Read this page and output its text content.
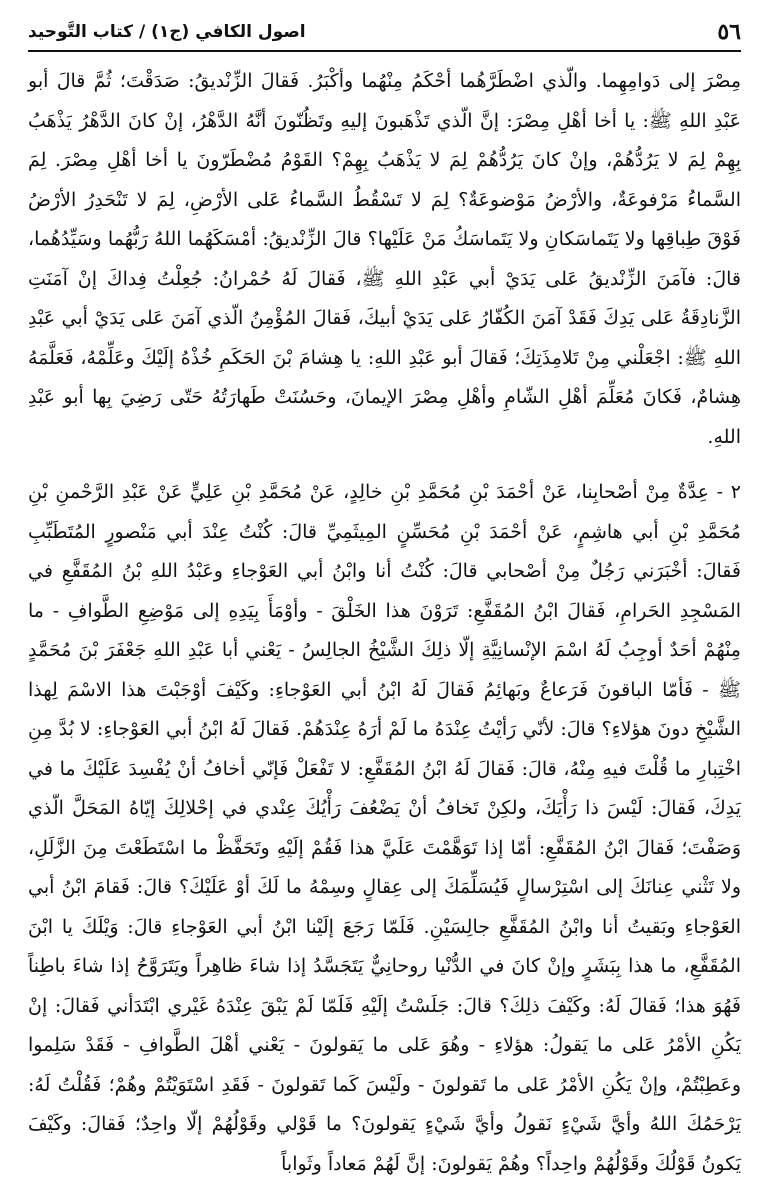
٥٦
اصول الكافي (ج١) / كتاب التَّوحيد

مِصْرَ إلى دَوامِهِما. والّذي اضْطَرَّهُما أحْكَمُ مِنْهُما وأكْبَرُ. فَقالَ الزِّنْديقُ: صَدَقْتَ؛ ثُمَّ قالَ أبو عَبْدِ اللهِ ﷺ: يا أخا أهْلِ مِصْرَ: إنَّ الّذي تَذْهَبونَ إليهِ وتَظُنّونَ أنَّهُ الدَّهْرُ، إنْ كانَ الدَّهْرُ يَذْهَبُ بِهِمْ لِمَ لا يَرُدُّهُمْ، وإنْ كانَ يَرُدُّهُمْ لِمَ لا يَذْهَبُ بِهِمْ؟ القَوْمُ مُضْطَرّونَ يا أخا أهْلِ مِصْرَ. لِمَ السَّماءُ مَرْفوعَةٌ، والأرْضُ مَوْضوعَةٌ؟ لِمَ لا تَسْقُطُ السَّماءُ عَلى الأرْضِ، لِمَ لا تَنْحَدِرُ الأرْضُ فَوْقَ طِباقِها ولا يَتَماسَكانِ ولا يَتَماسَكُ مَنْ عَلَيْها؟ قالَ الزِّنْديقُ: أمْسَكَهُما اللهُ رَبُّهُما وسَيِّدُهُما، قالَ: فآمَنَ الزِّنْديقُ عَلى يَدَيْ أبي عَبْدِ اللهِ ﷺ، فَقالَ لَهُ حُمْرانُ: جُعِلْتُ فِداكَ إنْ آمَنَتِ الزَّنادِقَةُ عَلى يَدِكَ فَقَدْ آمَنَ الكُفّارُ عَلى يَدَيْ أبيكَ، فَقالَ المُؤْمِنُ الّذي آمَنَ عَلى يَدَيْ أبي عَبْدِ اللهِ ﷺ: اجْعَلْني مِنْ تَلامِذَتِكَ؛ فَقالَ أبو عَبْدِ اللهِ: يا هِشامَ بْنَ الحَكَمِ خُذْهُ إلَيْكَ وعَلِّمْهُ، فَعَلَّمَهُ هِشامٌ، فَكانَ مُعَلِّمَ أهْلِ الشّامِ وأهْلِ مِصْرَ الإيمانَ، وحَسُنَتْ طَهارَتُهُ حَتّى رَضِيَ بِها أبو عَبْدِ اللهِ.

٢ - عِدَّةٌ مِنْ أصْحابِنا، عَنْ أحْمَدَ بْنِ مُحَمَّدِ بْنِ خالِدٍ، عَنْ مُحَمَّدِ بْنِ عَلِيٍّ عَنْ عَبْدِ الرَّحْمنِ بْنِ مُحَمَّدِ بْنِ أبي هاشِمٍ، عَنْ أحْمَدَ بْنِ مُحَسِّنٍ المِيثَمِيِّ قالَ: كُنْتُ عِنْدَ أبي مَنْصورٍ المُتَطَبِّبِ فَقالَ: أخْبَرَني رَجُلٌ مِنْ أصْحابي قالَ: كُنْتُ أنا وابْنُ أبي العَوْجاءِ وعَبْدُ اللهِ بْنُ المُقَفَّعِ في المَسْجِدِ الحَرامِ، فَقالَ ابْنُ المُقَفَّعِ: تَرَوْنَ هذا الخَلْقَ - وأوْمَأَ بِيَدِهِ إلى مَوْضِعِ الطَّوافِ - ما مِنْهُمْ أحَدٌ أوجِبُ لَهُ اسْمَ الإنْسانِيَّةِ إلّا ذلِكَ الشَّيْخُ الجالِسُ - يَعْني أبا عَبْدِ اللهِ جَعْفَرَ بْنَ مُحَمَّدٍ ﷺ - فَأمّا الباقونَ فَرَعاعٌ وبَهائِمُ فَقالَ لَهُ ابْنُ أبي العَوْجاءِ: وكَيْفَ أوْجَبْتَ هذا الاسْمَ لِهذا الشَّيْخِ دونَ هؤلاءِ؟ قالَ: لأنّي رَأيْتُ عِنْدَهُ ما لَمْ أرَهُ عِنْدَهُمْ. فَقالَ لَهُ ابْنُ أبي العَوْجاءِ: لا بُدَّ مِنِ اخْتِبارِ ما قُلْتَ فيهِ مِنْهُ، قالَ: فَقالَ لَهُ ابْنُ المُقَفَّعِ: لا تَفْعَلْ فَإنّي أخافُ أنْ يُفْسِدَ عَلَيْكَ ما في يَدِكَ، فَقالَ: لَيْسَ ذا رَأْيَكَ، ولكِنْ تَخافُ أنْ يَضْعُفَ رَأْيُكَ عِنْدي في إحْلالِكَ إيّاهُ المَحَلَّ الّذي وَصَفْتَ؛ فَقالَ ابْنُ المُقَفَّعِ: أمّا إذا تَوَهَّمْتَ عَلَيَّ هذا فَقُمْ إلَيْهِ وتَحَفَّظْ ما اسْتَطَعْتَ مِنَ الزَّلَلِ، ولا تَثْني عِنانَكَ إلى اسْتِرْسالٍ فَيُسَلِّمَكَ إلى عِقالٍ وسِمْهُ ما لَكَ أوْ عَلَيْكَ؟ قالَ: فَقامَ ابْنُ أبي العَوْجاءِ وبَقيتُ أنا وابْنُ المُقَفَّعِ جالِسَيْنِ. فَلَمّا رَجَعَ إلَيْنا ابْنُ أبي العَوْجاءِ قالَ: وَيْلَكَ يا ابْنَ المُقَفَّعِ، ما هذا بِبَشَرٍ وإنْ كانَ في الدُّنْيا روحانِيٌّ يَتَجَسَّدُ إذا شاءَ ظاهِراً ويَتَرَوَّحُ إذا شاءَ باطِناً فَهُوَ هذا؛ فَقالَ لَهُ: وكَيْفَ ذلِكَ؟ قالَ: جَلَسْتُ إلَيْهِ فَلَمّا لَمْ يَبْقَ عِنْدَهُ غَيْري ابْتَدَأني فَقالَ: إنْ يَكُنِ الأمْرُ عَلى ما يَقولُ: هؤلاءِ - وهُوَ عَلى ما يَقولونَ - يَعْني أهْلَ الطَّوافِ - فَقَدْ سَلِموا وعَطِبْتُمْ، وإنْ يَكُنِ الأمْرُ عَلى ما تَقولونَ - ولَيْسَ كَما تَقولونَ - فَقَدِ اسْتَوَيْتُمْ وهُمْ؛ فَقُلْتُ لَهُ: يَرْحَمُكَ اللهُ وأيَّ شَيْءٍ نَقولُ وأيَّ شَيْءٍ يَقولونَ؟ ما قَوْلي وقَوْلُهُمْ إلّا واحِدٌ؛ فَقالَ: وكَيْفَ يَكونُ قَوْلُكَ وقَوْلُهُمْ واحِداً؟ وهُمْ يَقولونَ: إنَّ لَهُمْ مَعاداً وثَواباً
